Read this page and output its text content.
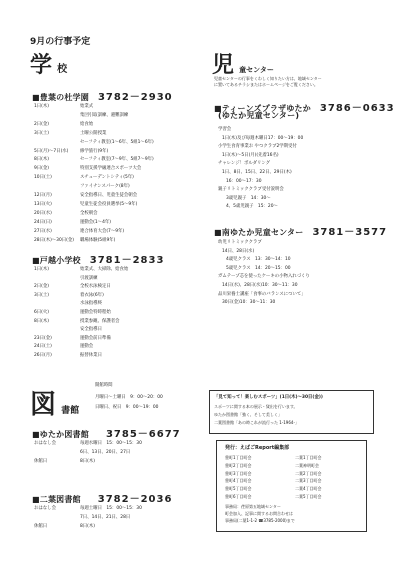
9月の行事予定
学 校
■豊葉の杜学園 3782－2930
1日(木)	始業式
集団引取訓練、避難訓練
2日(金)	給食始
3日(土)	土曜公開授業
セーフティ教室(1〜6年、5組1〜6年)
5日(月)〜7日(水)	修学旅行(9年)
8日(木)	セーフティ教室(7〜9年、5組7〜9年)
9日(金)	特別支援学級連合スポーツ大会
10日(土)	スチューデントシティ(5年)
ファイナンスパーク(8年)
12日(月)	安全指導日、児童生徒会朝会
13日(火)	児童生徒会役員選挙(5〜9年)
20日(水)	全校朝会
24日(日)	運動会(1〜4年)
27日(水)	連合体育大会(7〜9年)
28日(木)〜30日(金) 職場体験(5組9年)
■戸越小学校 3781－2833
1日(木)	始業式、大掃除、給食始
引渡訓練
2日(金)	全校水泳検定日
3日(土)	着衣泳(6年)
水泳指導終
6日(火)	運動会特時程始
8日(木)	授業参観、保護者会
安全指導日
23日(金)	運動会前日準備
24日(土)	運動会
26日(月)	振替休業日
児 童センター
児童センターの行事をくわしく知りたい方は、地域センター
に置いてあるチラシまたはホームページをご覧ください。
■ティーンズプラザゆたか 3786－0633
(ゆたか児童センター)
学習会
1日(木)及び毎週木曜日17：00〜19：00
小学生食育事業お やつクラブ2学期受付
1日(木)〜5日(月)(先着16名)
チャレンジ！ボルダリング
1日、8日、15日、22日、29日(木)
16：00〜17：30
親子リトミッククラブ受付説明会
3歳児親子　14：30〜
4、5歳児親子　15：20〜
■南ゆたか児童センター 3781－3577
幼児リトミッククラブ
14日、28日(水)
4歳児クラス　13：30〜14：10
5歳児クラス　14：20〜15：00
ガムテープ芯を使ったケーキの小物入れづくり
14日(水)、28日(水)10：30〜11：30
品川栄養士講座「食事のバランスについて」
30日(金)10：30〜11：30
図 書館
開館時間
月曜日〜土曜日　9：00〜20：00
日曜日、祝日　9：00〜19：00
■ゆたか図書館 3785－6677
おはなし会	毎週水曜日　15：00〜15：30
6日、13日、20日、27日
休館日	8日(木)
■二葉図書館 3782－2036
おはなし会	毎週土曜日　15：00〜15：30
7日、14日、21日、28日
休館日	8日(木)
「見て知って！楽しむスポーツ」(1日(木)〜30日(金))
スポーツに関する本の展示・貸出を行います。
ゆたか図書館「強く、そして美しく」
二葉図書館「あの時これが流行った 1-1964-」
発行：えばごReport編集部
豊町1丁目町会
豊町2丁目町会
豊町3丁目町会
豊町4丁目町会
豊町5丁目町会
豊町6丁目町会
二葉1丁目町会
二葉神明町会
二葉2丁目町会
二葉3丁目町会
二葉4丁目町会
二葉5丁目町会
事務局：荏原第五地域センター
町会加入、記事に関するお問合わせは
事務局(二葉1-1-2 ☎3785-2000)まで
